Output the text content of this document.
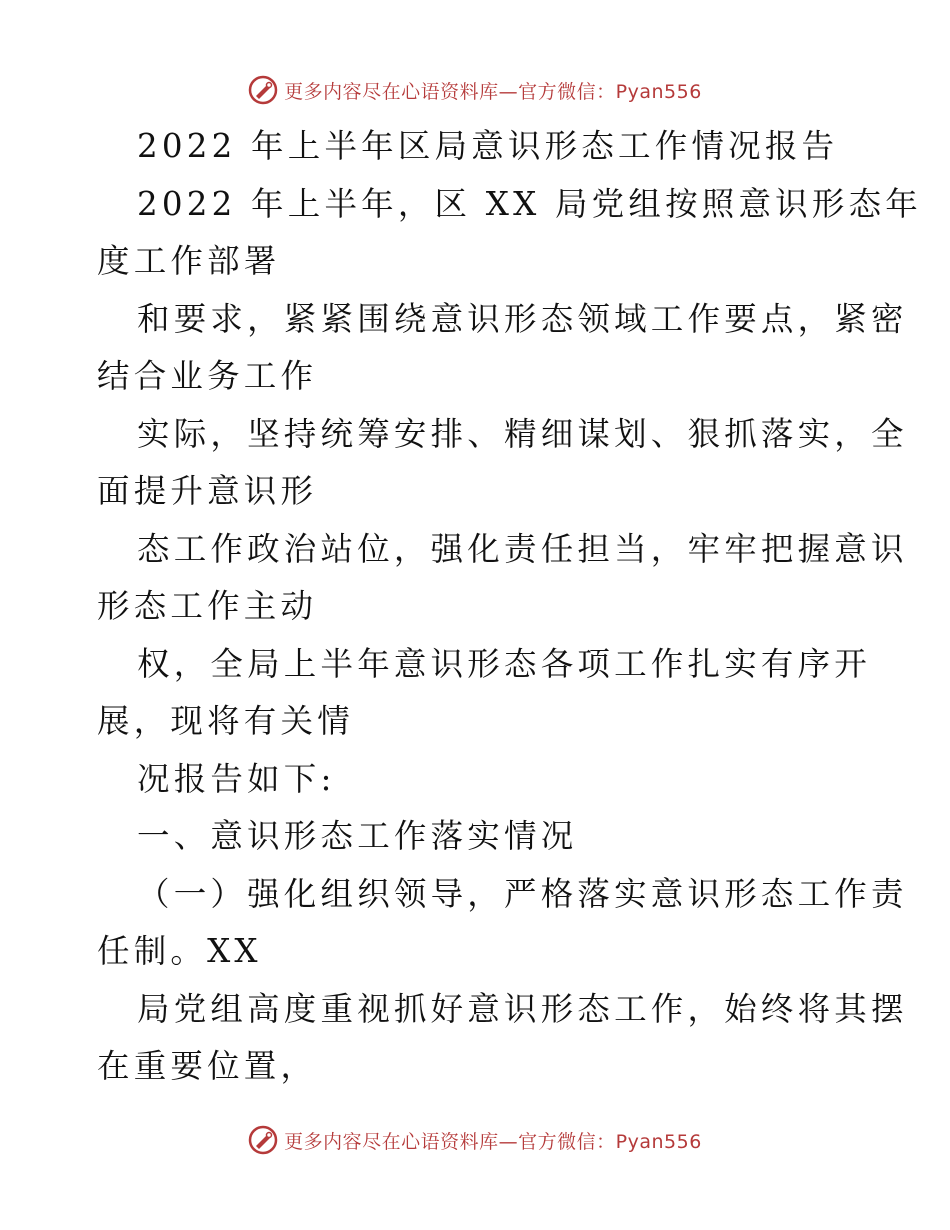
更多内容尽在心语资料库—官方微信：Pyan556
2022 年上半年区局意识形态工作情况报告
2022 年上半年，区 XX 局党组按照意识形态年
度工作部署
和要求，紧紧围绕意识形态领域工作要点，紧密
结合业务工作
实际，坚持统筹安排、精细谋划、狠抓落实，全
面提升意识形
态工作政治站位，强化责任担当，牢牢把握意识
形态工作主动
权，全局上半年意识形态各项工作扎实有序开
展，现将有关情
况报告如下:
一、意识形态工作落实情况
（一）强化组织领导，严格落实意识形态工作责
任制。XX
局党组高度重视抓好意识形态工作，始终将其摆
在重要位置，
更多内容尽在心语资料库—官方微信：Pyan556
